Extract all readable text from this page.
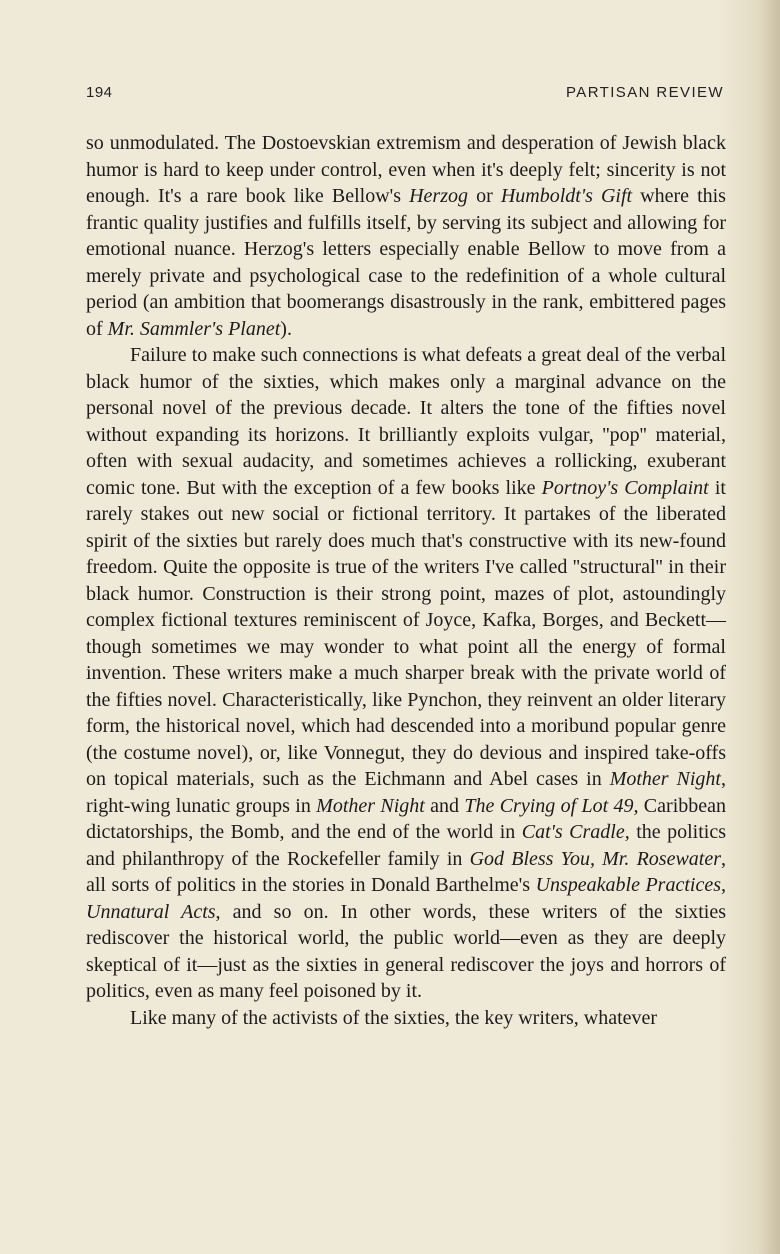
194	PARTISAN REVIEW

so unmodulated. The Dostoevskian extremism and desperation of Jewish black humor is hard to keep under control, even when it's deeply felt; sincerity is not enough. It's a rare book like Bellow's Herzog or Humboldt's Gift where this frantic quality justifies and fulfills itself, by serving its subject and allowing for emotional nuance. Herzog's letters especially enable Bellow to move from a merely private and psychological case to the redefinition of a whole cultural period (an ambition that boomerangs disastrously in the rank, embittered pages of Mr. Sammler's Planet).

Failure to make such connections is what defeats a great deal of the verbal black humor of the sixties, which makes only a marginal advance on the personal novel of the previous decade. It alters the tone of the fifties novel without expanding its horizons. It brilliantly exploits vulgar, ''pop'' material, often with sexual audacity, and sometimes achieves a rollicking, exuberant comic tone. But with the exception of a few books like Portnoy's Complaint it rarely stakes out new social or fictional territory. It partakes of the liberated spirit of the sixties but rarely does much that's constructive with its new-found freedom. Quite the opposite is true of the writers I've called ''structural'' in their black humor. Construction is their strong point, mazes of plot, astoundingly complex fictional textures reminiscent of Joyce, Kafka, Borges, and Beckett—though sometimes we may wonder to what point all the energy of formal invention. These writers make a much sharper break with the private world of the fifties novel. Characteristically, like Pynchon, they reinvent an older literary form, the historical novel, which had descended into a moribund popular genre (the costume novel), or, like Vonnegut, they do devious and inspired take-offs on topical materials, such as the Eichmann and Abel cases in Mother Night, right-wing lunatic groups in Mother Night and The Crying of Lot 49, Caribbean dictatorships, the Bomb, and the end of the world in Cat's Cradle, the politics and philanthropy of the Rockefeller family in God Bless You, Mr. Rosewater, all sorts of politics in the stories in Donald Barthelme's Unspeakable Practices, Unnatural Acts, and so on. In other words, these writers of the sixties rediscover the historical world, the public world—even as they are deeply skeptical of it—just as the sixties in general rediscover the joys and horrors of politics, even as many feel poisoned by it.

Like many of the activists of the sixties, the key writers, whatever
